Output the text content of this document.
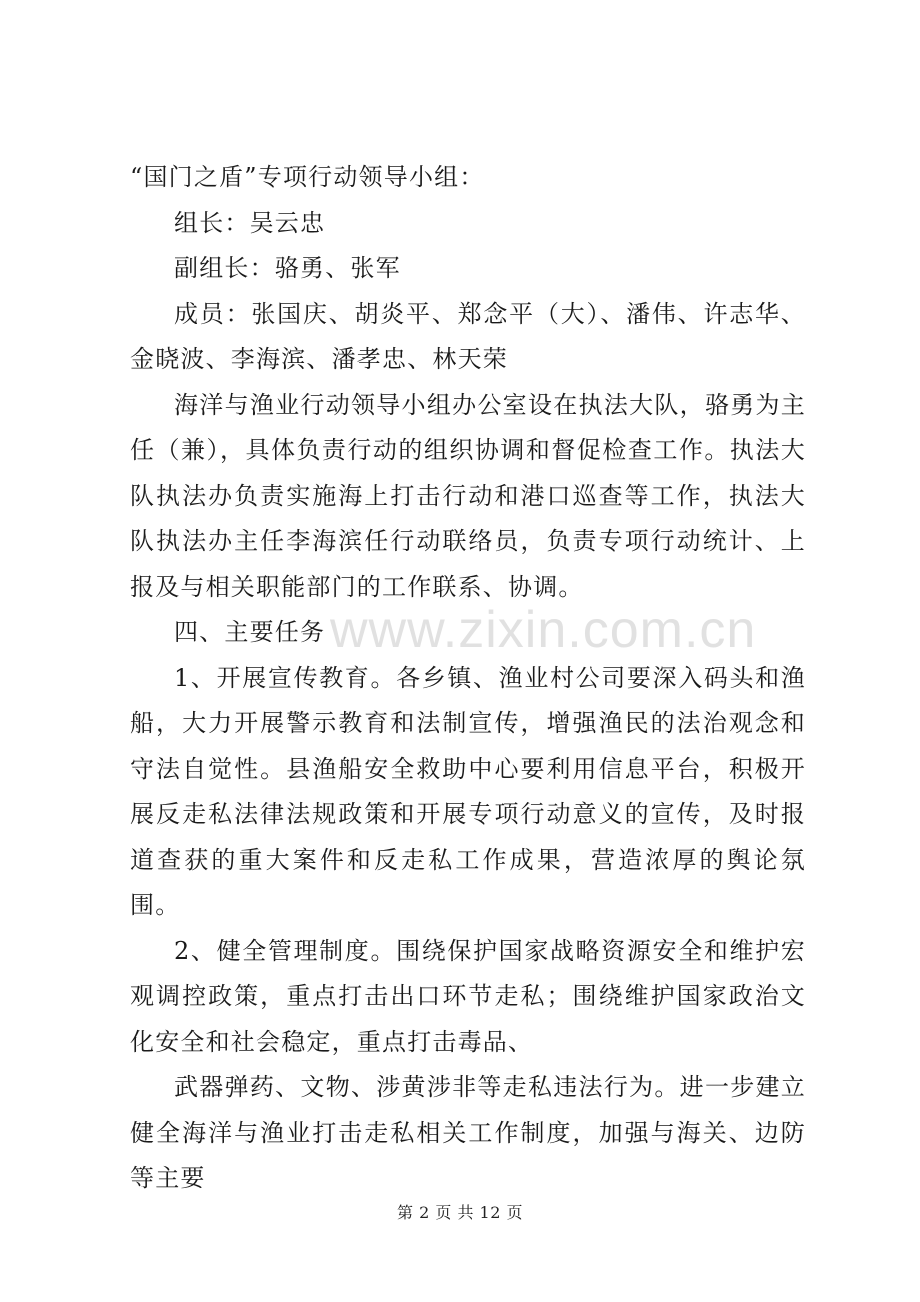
“国门之盾”专项行动领导小组：

组长：吴云忠

副组长：骆勇、张军

成员：张国庆、胡炎平、郑念平（大）、潘伟、许志华、金晓波、李海滨、潘孝忠、林天荣

海洋与渔业行动领导小组办公室设在执法大队，骆勇为主任（兼），具体负责行动的组织协调和督促检查工作。执法大队执法办负责实施海上打击行动和港口巡查等工作，执法大队执法办主任李海滨任行动联络员，负责专项行动统计、上报及与相关职能部门的工作联系、协调。

四、主要任务

1、开展宣传教育。各乡镇、渔业村公司要深入码头和渔船，大力开展警示教育和法制宣传，增强渔民的法治观念和守法自觉性。县渔船安全救助中心要利用信息平台，积极开展反走私法律法规政策和开展专项行动意义的宣传，及时报道查获的重大案件和反走私工作成果，营造浓厚的舆论氛围。

2、健全管理制度。围绕保护国家战略资源安全和维护宏观调控政策，重点打击出口环节走私；围绕维护国家政治文化安全和社会稳定，重点打击毒品、

武器弹药、文物、涉黄涉非等走私违法行为。进一步建立健全海洋与渔业打击走私相关工作制度，加强与海关、边防等主要

www.zixin.com.cn
第 2 页 共 12 页
